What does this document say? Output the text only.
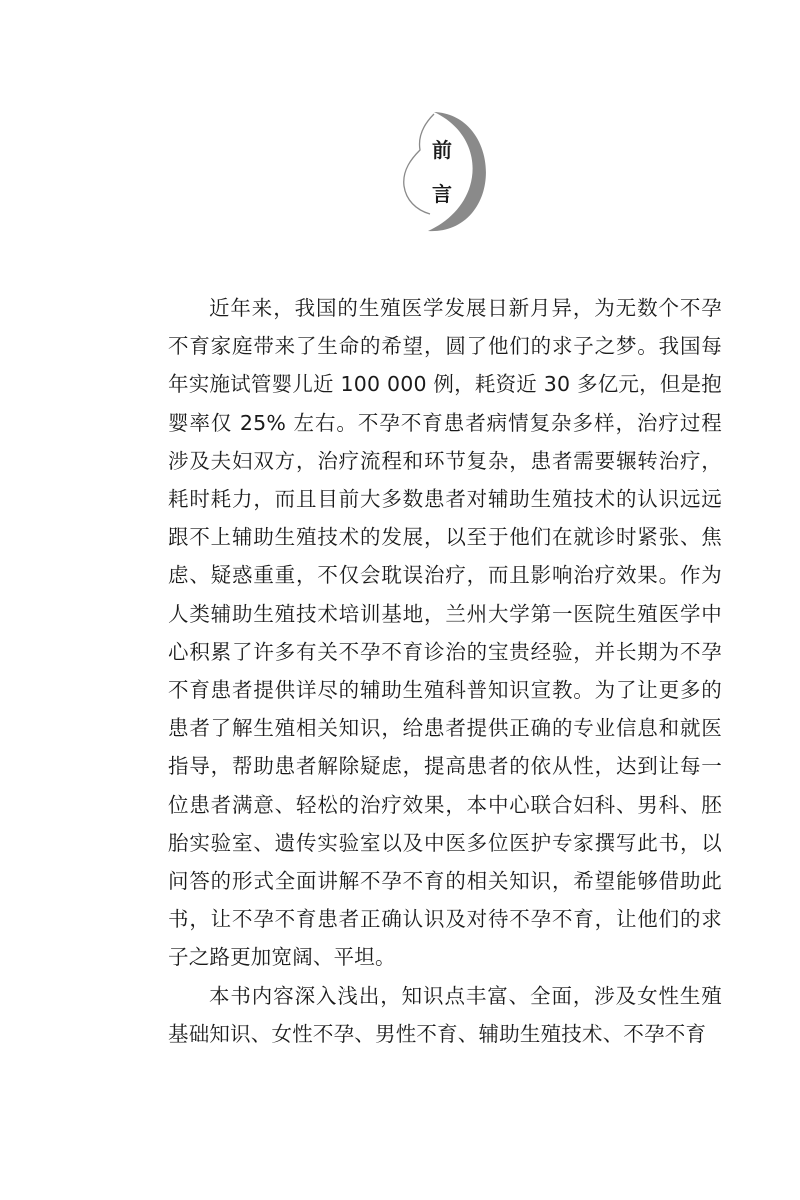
前
言

近年来，我国的生殖医学发展日新月异，为无数个不孕不育家庭带来了生命的希望，圆了他们的求子之梦。我国每年实施试管婴儿近 100 000 例，耗资近 30 多亿元，但是抱婴率仅 25% 左右。不孕不育患者病情复杂多样，治疗过程涉及夫妇双方，治疗流程和环节复杂，患者需要辗转治疗，耗时耗力，而且目前大多数患者对辅助生殖技术的认识远远跟不上辅助生殖技术的发展，以至于他们在就诊时紧张、焦虑、疑惑重重，不仅会耽误治疗，而且影响治疗效果。作为人类辅助生殖技术培训基地，兰州大学第一医院生殖医学中心积累了许多有关不孕不育诊治的宝贵经验，并长期为不孕不育患者提供详尽的辅助生殖科普知识宣教。为了让更多的患者了解生殖相关知识，给患者提供正确的专业信息和就医指导，帮助患者解除疑虑，提高患者的依从性，达到让每一位患者满意、轻松的治疗效果，本中心联合妇科、男科、胚胎实验室、遗传实验室以及中医多位医护专家撰写此书，以问答的形式全面讲解不孕不育的相关知识，希望能够借助此书，让不孕不育患者正确认识及对待不孕不育，让他们的求子之路更加宽阔、平坦。

本书内容深入浅出，知识点丰富、全面，涉及女性生殖基础知识、女性不孕、男性不育、辅助生殖技术、不孕不育
